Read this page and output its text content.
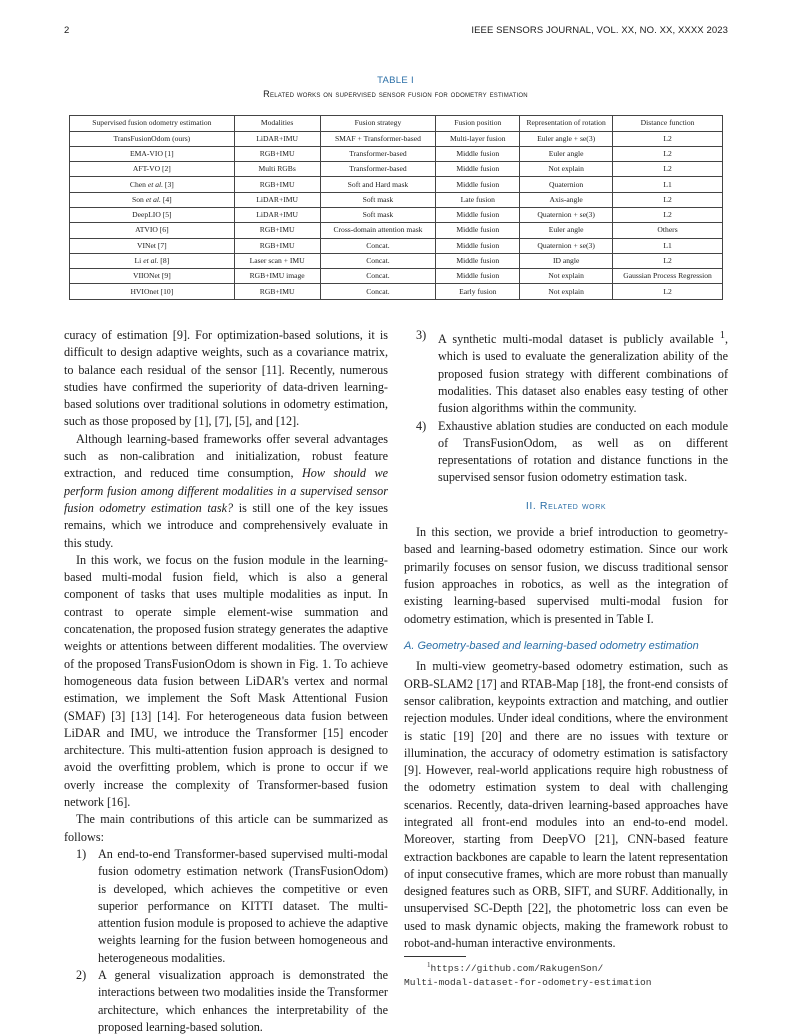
2	IEEE SENSORS JOURNAL, VOL. XX, NO. XX, XXXX 2023
TABLE I
Related works on supervised sensor fusion for odometry estimation
Supervised fusion odometry estimation	Modalities	Fusion strategy	Fusion position	Representation of rotation	Distance function
TransFusionOdom (ours)	LiDAR+IMU	SMAF + Transformer-based	Multi-layer fusion	Euler angle + se(3)	L2
EMA-VIO [1]	RGB+IMU	Transformer-based	Middle fusion	Euler angle	L2
AFT-VO [2]	Multi RGBs	Transformer-based	Middle fusion	Not explain	L2
Chen et al. [3]	RGB+IMU	Soft and Hard mask	Middle fusion	Quaternion	L1
Son et al. [4]	LiDAR+IMU	Soft mask	Late fusion	Axis-angle	L2
DeepLIO [5]	LiDAR+IMU	Soft mask	Middle fusion	Quaternion + se(3)	L2
ATVIO [6]	RGB+IMU	Cross-domain attention mask	Middle fusion	Euler angle	Others
VINet [7]	RGB+IMU	Concat.	Middle fusion	Quaternion + se(3)	L1
Li et al. [8]	Laser scan + IMU	Concat.	Middle fusion	ID angle	L2
VIIONet [9]	RGB+IMU image	Concat.	Middle fusion	Not explain	Gaussian Process Regression
HVIOnet [10]	RGB+IMU	Concat.	Early fusion	Not explain	L2

curacy of estimation [9]. For optimization-based solutions, it is difficult to design adaptive weights, such as a covariance matrix, to balance each residual of the sensor [11]. Recently, numerous studies have confirmed the superiority of data-driven learning-based solutions over traditional solutions in odometry estimation, such as those proposed by [1], [7], [5], and [12].

Although learning-based frameworks offer several advantages such as non-calibration and initialization, robust feature extraction, and reduced time consumption, How should we perform fusion among different modalities in a supervised sensor fusion odometry estimation task? is still one of the key issues remains, which we introduce and comprehensively evaluate in this study.

In this work, we focus on the fusion module in the learning-based multi-modal fusion field, which is also a general component of tasks that uses multiple modalities as input. In contrast to operate simple element-wise summation and concatenation, the proposed fusion strategy generates the adaptive weights or attentions between different modalities. The overview of the proposed TransFusionOdom is shown in Fig. 1. To achieve homogeneous data fusion between LiDAR's vertex and normal estimation, we implement the Soft Mask Attentional Fusion (SMAF) [3] [13] [14]. For heterogeneous data fusion between LiDAR and IMU, we introduce the Transformer [15] encoder architecture. This multi-attention fusion approach is designed to avoid the overfitting problem, which is prone to occur if we overly increase the complexity of Transformer-based fusion network [16].

The main contributions of this article can be summarized as follows:

1) An end-to-end Transformer-based supervised multi-modal fusion odometry estimation network (TransFusionOdom) is developed, which achieves the competitive or even superior performance on KITTI dataset. The multi-attention fusion module is proposed to achieve the adaptive weights learning for the fusion between homogeneous and heterogeneous modalities.
2) A general visualization approach is demonstrated the interactions between two modalities inside the Transformer architecture, which enhances the interpretability of the proposed learning-based solution.
3) A synthetic multi-modal dataset is publicly available $^1$, which is used to evaluate the generalization ability of the proposed fusion strategy with different combinations of modalities. This dataset also enables easy testing of other fusion algorithms within the community.
4) Exhaustive ablation studies are conducted on each module of TransFusionOdom, as well as on different representations of rotation and distance functions in the supervised sensor fusion odometry estimation task.
II. Related work

In this section, we provide a brief introduction to geometry-based and learning-based odometry estimation. Since our work primarily focuses on sensor fusion, we discuss traditional sensor fusion approaches in robotics, as well as the integration of existing learning-based supervised multi-modal fusion for odometry estimation, which is presented in Table I.

A. Geometry-based and learning-based odometry estimation

In multi-view geometry-based odometry estimation, such as ORB-SLAM2 [17] and RTAB-Map [18], the front-end consists of sensor calibration, keypoints extraction and matching, and outlier rejection modules. Under ideal conditions, where the environment is static [19] [20] and there are no issues with texture or illumination, the accuracy of odometry estimation is satisfactory [9]. However, real-world applications require high robustness of the odometry estimation system to deal with challenging scenarios. Recently, data-driven learning-based approaches have integrated all front-end modules into an end-to-end model. Moreover, starting from DeepVO [21], CNN-based feature extraction backbones are capable to learn the latent representation of input consecutive frames, which are more robust than manually designed features such as ORB, SIFT, and SURF. Additionally, in unsupervised SC-Depth [22], the photometric loss can even be used to mask dynamic objects, making the framework robust to robot-and-human interactive environments.

$^1$https://github.com/RakugenSon/
Multi-modal-dataset-for-odometry-estimation
